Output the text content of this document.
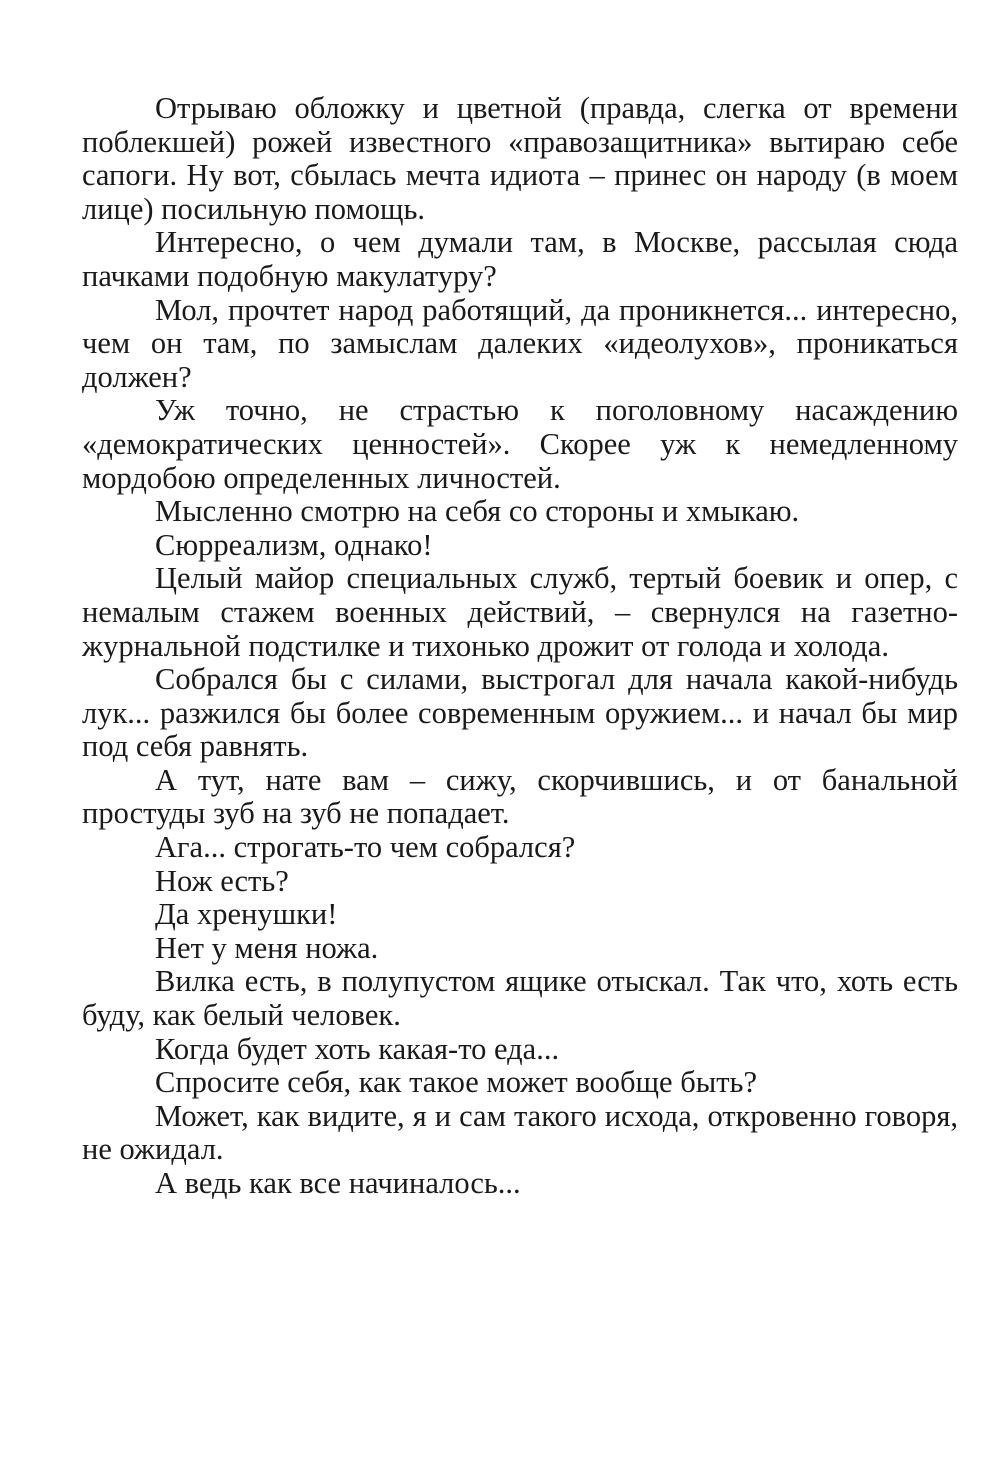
Отрываю обложку и цветной (правда, слегка от времени поблекшей) рожей известного «правозащитника» вытираю себе сапоги. Ну вот, сбылась мечта идиота – принес он народу (в моем лице) посильную помощь.

Интересно, о чем думали там, в Москве, рассылая сюда пачками подобную макулатуру?

Мол, прочтет народ работящий, да проникнется... интересно, чем он там, по замыслам далеких «идеолухов», проникаться должен?

Уж точно, не страстью к поголовному насаждению «демократических ценностей». Скорее уж к немедленному мордобою определенных личностей.

Мысленно смотрю на себя со стороны и хмыкаю.

Сюрреализм, однако!

Целый майор специальных служб, тертый боевик и опер, с немалым стажем военных действий, – свернулся на газетно-журнальной подстилке и тихонько дрожит от голода и холода.

Собрался бы с силами, выстрогал для начала какой-нибудь лук... разжился бы более современным оружием... и начал бы мир под себя равнять.

А тут, нате вам – сижу, скорчившись, и от банальной простуды зуб на зуб не попадает.

Ага... строгать-то чем собрался?

Нож есть?

Да хренушки!

Нет у меня ножа.

Вилка есть, в полупустом ящике отыскал. Так что, хоть есть буду, как белый человек.

Когда будет хоть какая-то еда...

Спросите себя, как такое может вообще быть?

Может, как видите, я и сам такого исхода, откровенно говоря, не ожидал.

А ведь как все начиналось...
